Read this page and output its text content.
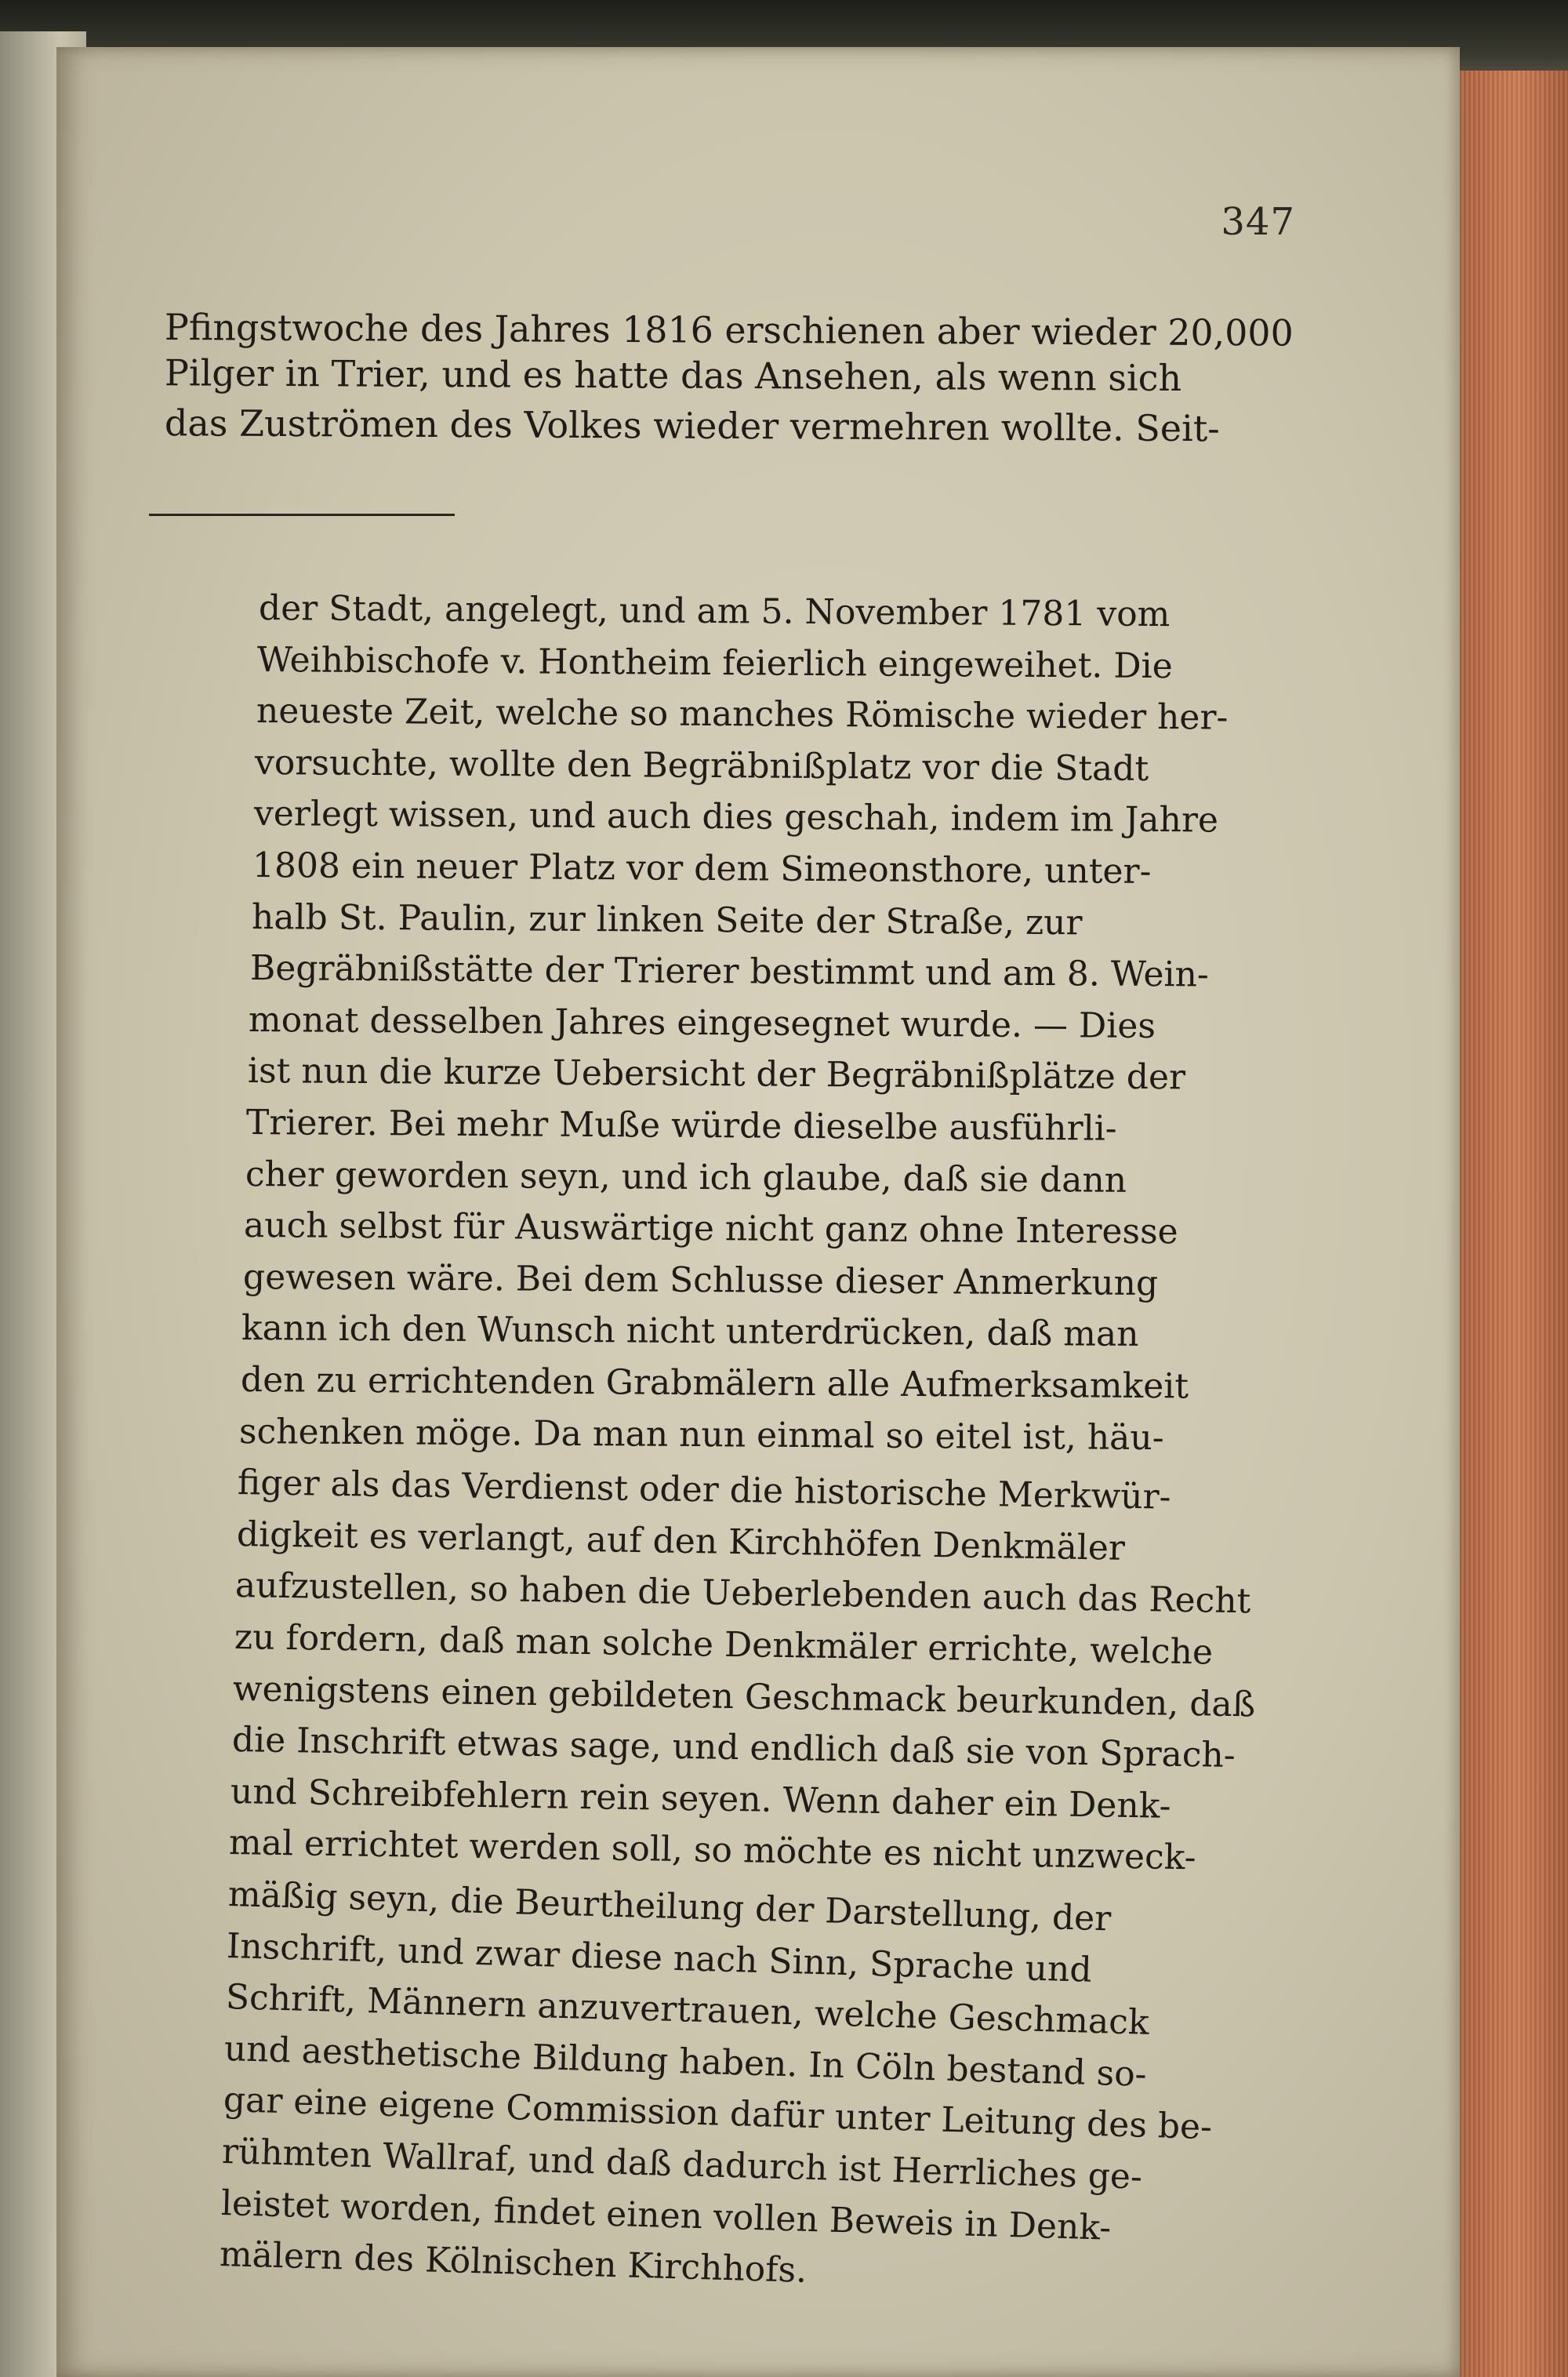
347
Pfingstwoche des Jahres 1816 erschienen aber wieder 20,000
Pilger in Trier, und es hatte das Ansehen, als wenn sich
das Zuströmen des Volkes wieder vermehren wollte. Seit-
der Stadt, angelegt, und am 5. November 1781 vom
Weihbischofe v. Hontheim feierlich eingeweihet. Die
neueste Zeit, welche so manches Römische wieder her-
vorsuchte, wollte den Begräbnißplatz vor die Stadt
verlegt wissen, und auch dies geschah, indem im Jahre
1808 ein neuer Platz vor dem Simeonsthore, unter-
halb St. Paulin, zur linken Seite der Straße, zur
Begräbnißstätte der Trierer bestimmt und am 8. Wein-
monat desselben Jahres eingesegnet wurde. — Dies
ist nun die kurze Uebersicht der Begräbnißplätze der
Trierer. Bei mehr Muße würde dieselbe ausführli-
cher geworden seyn, und ich glaube, daß sie dann
auch selbst für Auswärtige nicht ganz ohne Interesse
gewesen wäre. Bei dem Schlusse dieser Anmerkung
kann ich den Wunsch nicht unterdrücken, daß man
den zu errichtenden Grabmälern alle Aufmerksamkeit
schenken möge. Da man nun einmal so eitel ist, häu-
figer als das Verdienst oder die historische Merkwür-
digkeit es verlangt, auf den Kirchhöfen Denkmäler
aufzustellen, so haben die Ueberlebenden auch das Recht
zu fordern, daß man solche Denkmäler errichte, welche
wenigstens einen gebildeten Geschmack beurkunden, daß
die Inschrift etwas sage, und endlich daß sie von Sprach-
und Schreibfehlern rein seyen. Wenn daher ein Denk-
mal errichtet werden soll, so möchte es nicht unzweck-
mäßig seyn, die Beurtheilung der Darstellung, der
Inschrift, und zwar diese nach Sinn, Sprache und
Schrift, Männern anzuvertrauen, welche Geschmack
und aesthetische Bildung haben. In Cöln bestand so-
gar eine eigene Commission dafür unter Leitung des be-
rühmten Wallraf, und daß dadurch ist Herrliches ge-
leistet worden, findet einen vollen Beweis in Denk-
mälern des Kölnischen Kirchhofs.
